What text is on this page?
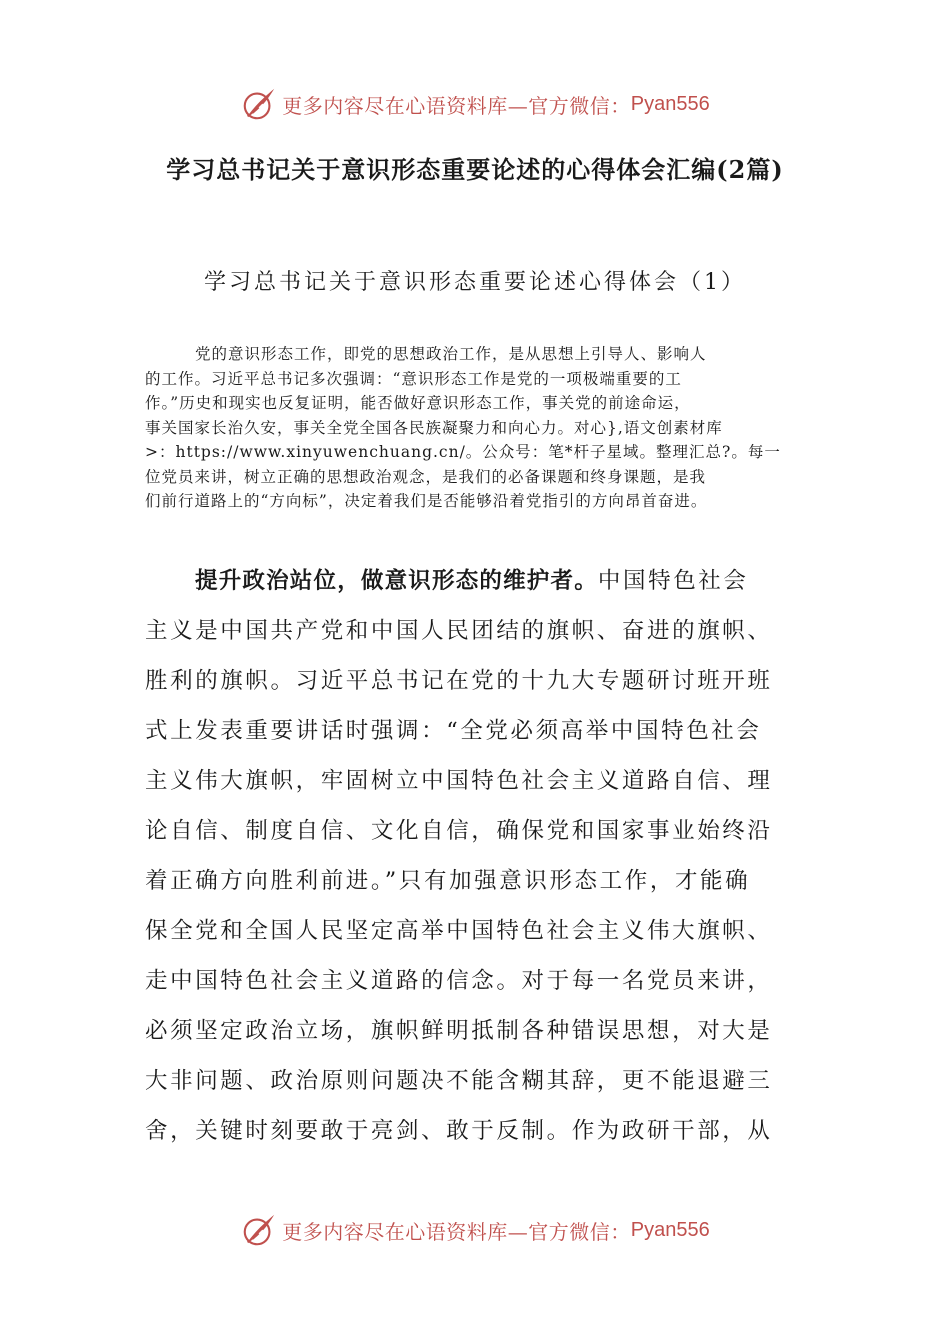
更多内容尽在心语资料库—官方微信： Pyan556
学习总书记关于意识形态重要论述的心得体会汇编(2篇)
学习总书记关于意识形态重要论述心得体会（1）
党的意识形态工作，即党的思想政治工作，是从思想上引导人、影响人
的工作。习近平总书记多次强调：“意识形态工作是党的一项极端重要的工
作。”历史和现实也反复证明，能否做好意识形态工作，事关党的前途命运，
事关国家长治久安，事关全党全国各民族凝聚力和向心力。对心},语文创素材库
>：https://www.xinyuwenchuang.cn/。公众号：笔*杆子星域。整理汇总?。每一
位党员来讲，树立正确的思想政治观念，是我们的必备课题和终身课题，是我
们前行道路上的“方向标”，决定着我们是否能够沿着党指引的方向昂首奋进。
提升政治站位，做意识形态的维护者。中国特色社会
主义是中国共产党和中国人民团结的旗帜、奋进的旗帜、
胜利的旗帜。习近平总书记在党的十九大专题研讨班开班
式上发表重要讲话时强调：“全党必须高举中国特色社会
主义伟大旗帜，牢固树立中国特色社会主义道路自信、理
论自信、制度自信、文化自信，确保党和国家事业始终沿
着正确方向胜利前进。”只有加强意识形态工作，才能确
保全党和全国人民坚定高举中国特色社会主义伟大旗帜、
走中国特色社会主义道路的信念。对于每一名党员来讲，
必须坚定政治立场，旗帜鲜明抵制各种错误思想，对大是
大非问题、政治原则问题决不能含糊其辞，更不能退避三
舍，关键时刻要敢于亮剑、敢于反制。作为政研干部，从
更多内容尽在心语资料库—官方微信： Pyan556
